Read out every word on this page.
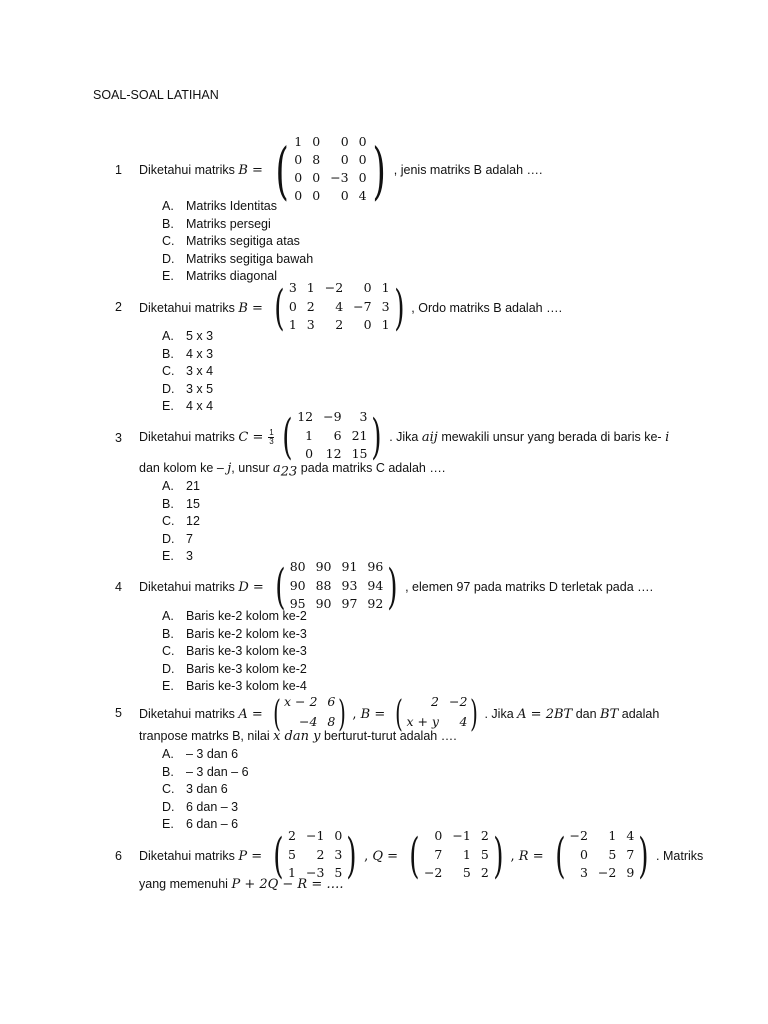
SOAL-SOAL LATIHAN
1 Diketahui matriks
B = ( 1 0	0 0
0 8	0 0
0 0 −3 0
0 0	0 4 ) , jenis matriks B adalah ….
A. Matriks Identitas
B. Matriks persegi
C. Matriks segitiga atas
D. Matriks segitiga bawah
E. Matriks diagonal
2 Diketahui matriks
B = ( 3 1 −2	0 1
0 2	4 −7 3
1 3	2	0 1 ) , Ordo matriks B adalah ….
A. 5 x 3
B. 4 x 3
C. 3 x 4
D. 3 x 5
E. 4 x 4
3 Diketahui matriks
$C = \frac{1}{3}$ ( 12 −9	3
1	6 21
0 12 15 ) . Jika
a ij
mewakili unsur yang berada di baris ke-
i
dan kolom ke – j, unsur $a_{23}$ pada matriks C adalah ….
A. 21
B. 15
C. 12
D. 7
E. 3
4 Diketahui matriks
D = ( 80 90 91 96
90 88 93 94
95 90 97 92 ) , elemen 97 pada matriks D terletak pada ….
A. Baris ke-2 kolom ke-2
B. Baris ke-2 kolom ke-3
C. Baris ke-3 kolom ke-3
D. Baris ke-3 kolom ke-2
E. Baris ke-3 kolom ke-4
5 Diketahui matriks
A = ( x − 2 6
−4 8 ) , B = (	2 −2
x + y	4 ) . Jika
A = 2B T
dan
B T
adalah
tranpose matrks B, nilai x dan y berturut-turut adalah ….
A. – 3 dan 6
B. – 3 dan – 6
C. 3 dan 6
D. 6 dan – 3
E. 6 dan – 6
6 Diketahui matriks
P = ( 2 −1 0
5	2 3
1 −3 5 ) , Q = (	0 −1 2
7	1 5
−2	5 2 ) , R = ( −2	1 4
0	5 7
3 −2 9 ) . Matriks
yang memenuhi P + 2Q − R = ….
